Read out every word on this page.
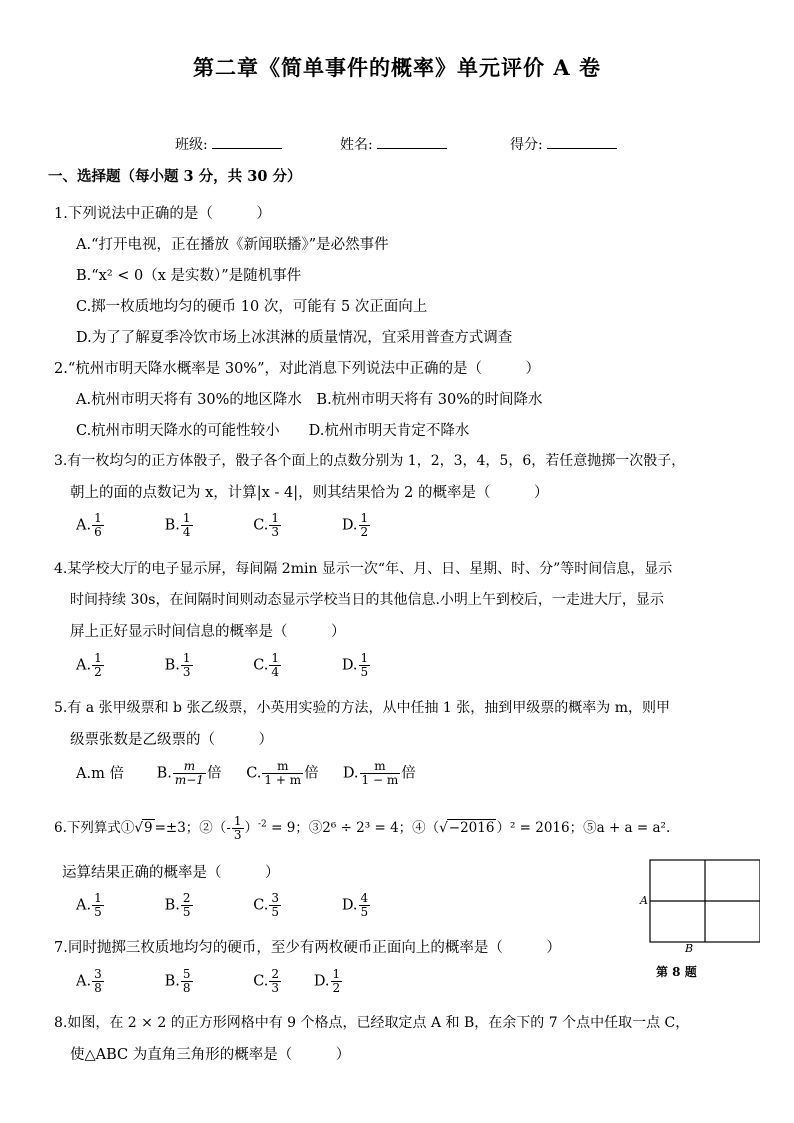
第二章《简单事件的概率》单元评价 A 卷
班级:	姓名:	得分:
一、选择题（每小题 3 分，共 30 分）
1.下列说法中正确的是（　　　）
A.“打开电视，正在播放《新闻联播》”是必然事件
B.“x² < 0（x 是实数）”是随机事件
C.掷一枚质地均匀的硬币 10 次，可能有 5 次正面向上
D.为了了解夏季冷饮市场上冰淇淋的质量情况，宜采用普查方式调查
2.“杭州市明天降水概率是 30%”，对此消息下列说法中正确的是（　　　）
A.杭州市明天将有 30%的地区降水　B.杭州市明天将有 30%的时间降水
C.杭州市明天降水的可能性较小　　D.杭州市明天肯定不降水
3.有一枚均匀的正方体骰子，骰子各个面上的点数分别为 1，2，3，4，5，6，若任意抛掷一次骰子，
朝上的面的点数记为 x，计算|x - 4|，则其结果恰为 2 的概率是（　　　）
A. $\frac{1}{6}$	B. $\frac{1}{4}$	C. $\frac{1}{3}$	D. $\frac{1}{2}$
4.某学校大厅的电子显示屏，每间隔 2min 显示一次“年、月、日、星期、时、分”等时间信息，显示
时间持续 30s，在间隔时间则动态显示学校当日的其他信息.小明上午到校后，一走进大厅，显示
屏上正好显示时间信息的概率是（　　　）
A. $\frac{1}{2}$	B. $\frac{1}{3}$	C. $\frac{1}{4}$	D. $\frac{1}{5}$
5.有 a 张甲级票和 b 张乙级票，小英用实验的方法，从中任抽 1 张，抽到甲级票的概率为 m，则甲
级票张数是乙级票的（　　　）
A.m 倍 B. $\frac{m}{m-1}$ 倍 C. $\frac{m}{1 + m}$ 倍 D. $\frac{m}{1 - m}$ 倍
6.下列算式①√9 =±3；②（- $\frac{1}{3} )^{-2} = 9$；③2⁶ ÷ 2³ = 4；④（√−2016 ）² = 2016；⑤a + a = a².
运算结果正确的概率是（　　　）
A. $\frac{1}{5}$	B. $\frac{2}{5}$	C. $\frac{3}{5}$	D. $\frac{4}{5}$
7.同时抛掷三枚质地均匀的硬币，至少有两枚硬币正面向上的概率是（　　　）
A. $\frac{3}{8}$	B. $\frac{5}{8}$	C. $\frac{2}{3} D$. $\frac{1}{2}$
8.如图，在 2 × 2 的正方形网格中有 9 个格点，已经取定点 A 和 B，在余下的 7 个点中任取一点 C，
使△ABC 为直角三角形的概率是（　　　）
A
B
第 8 题
